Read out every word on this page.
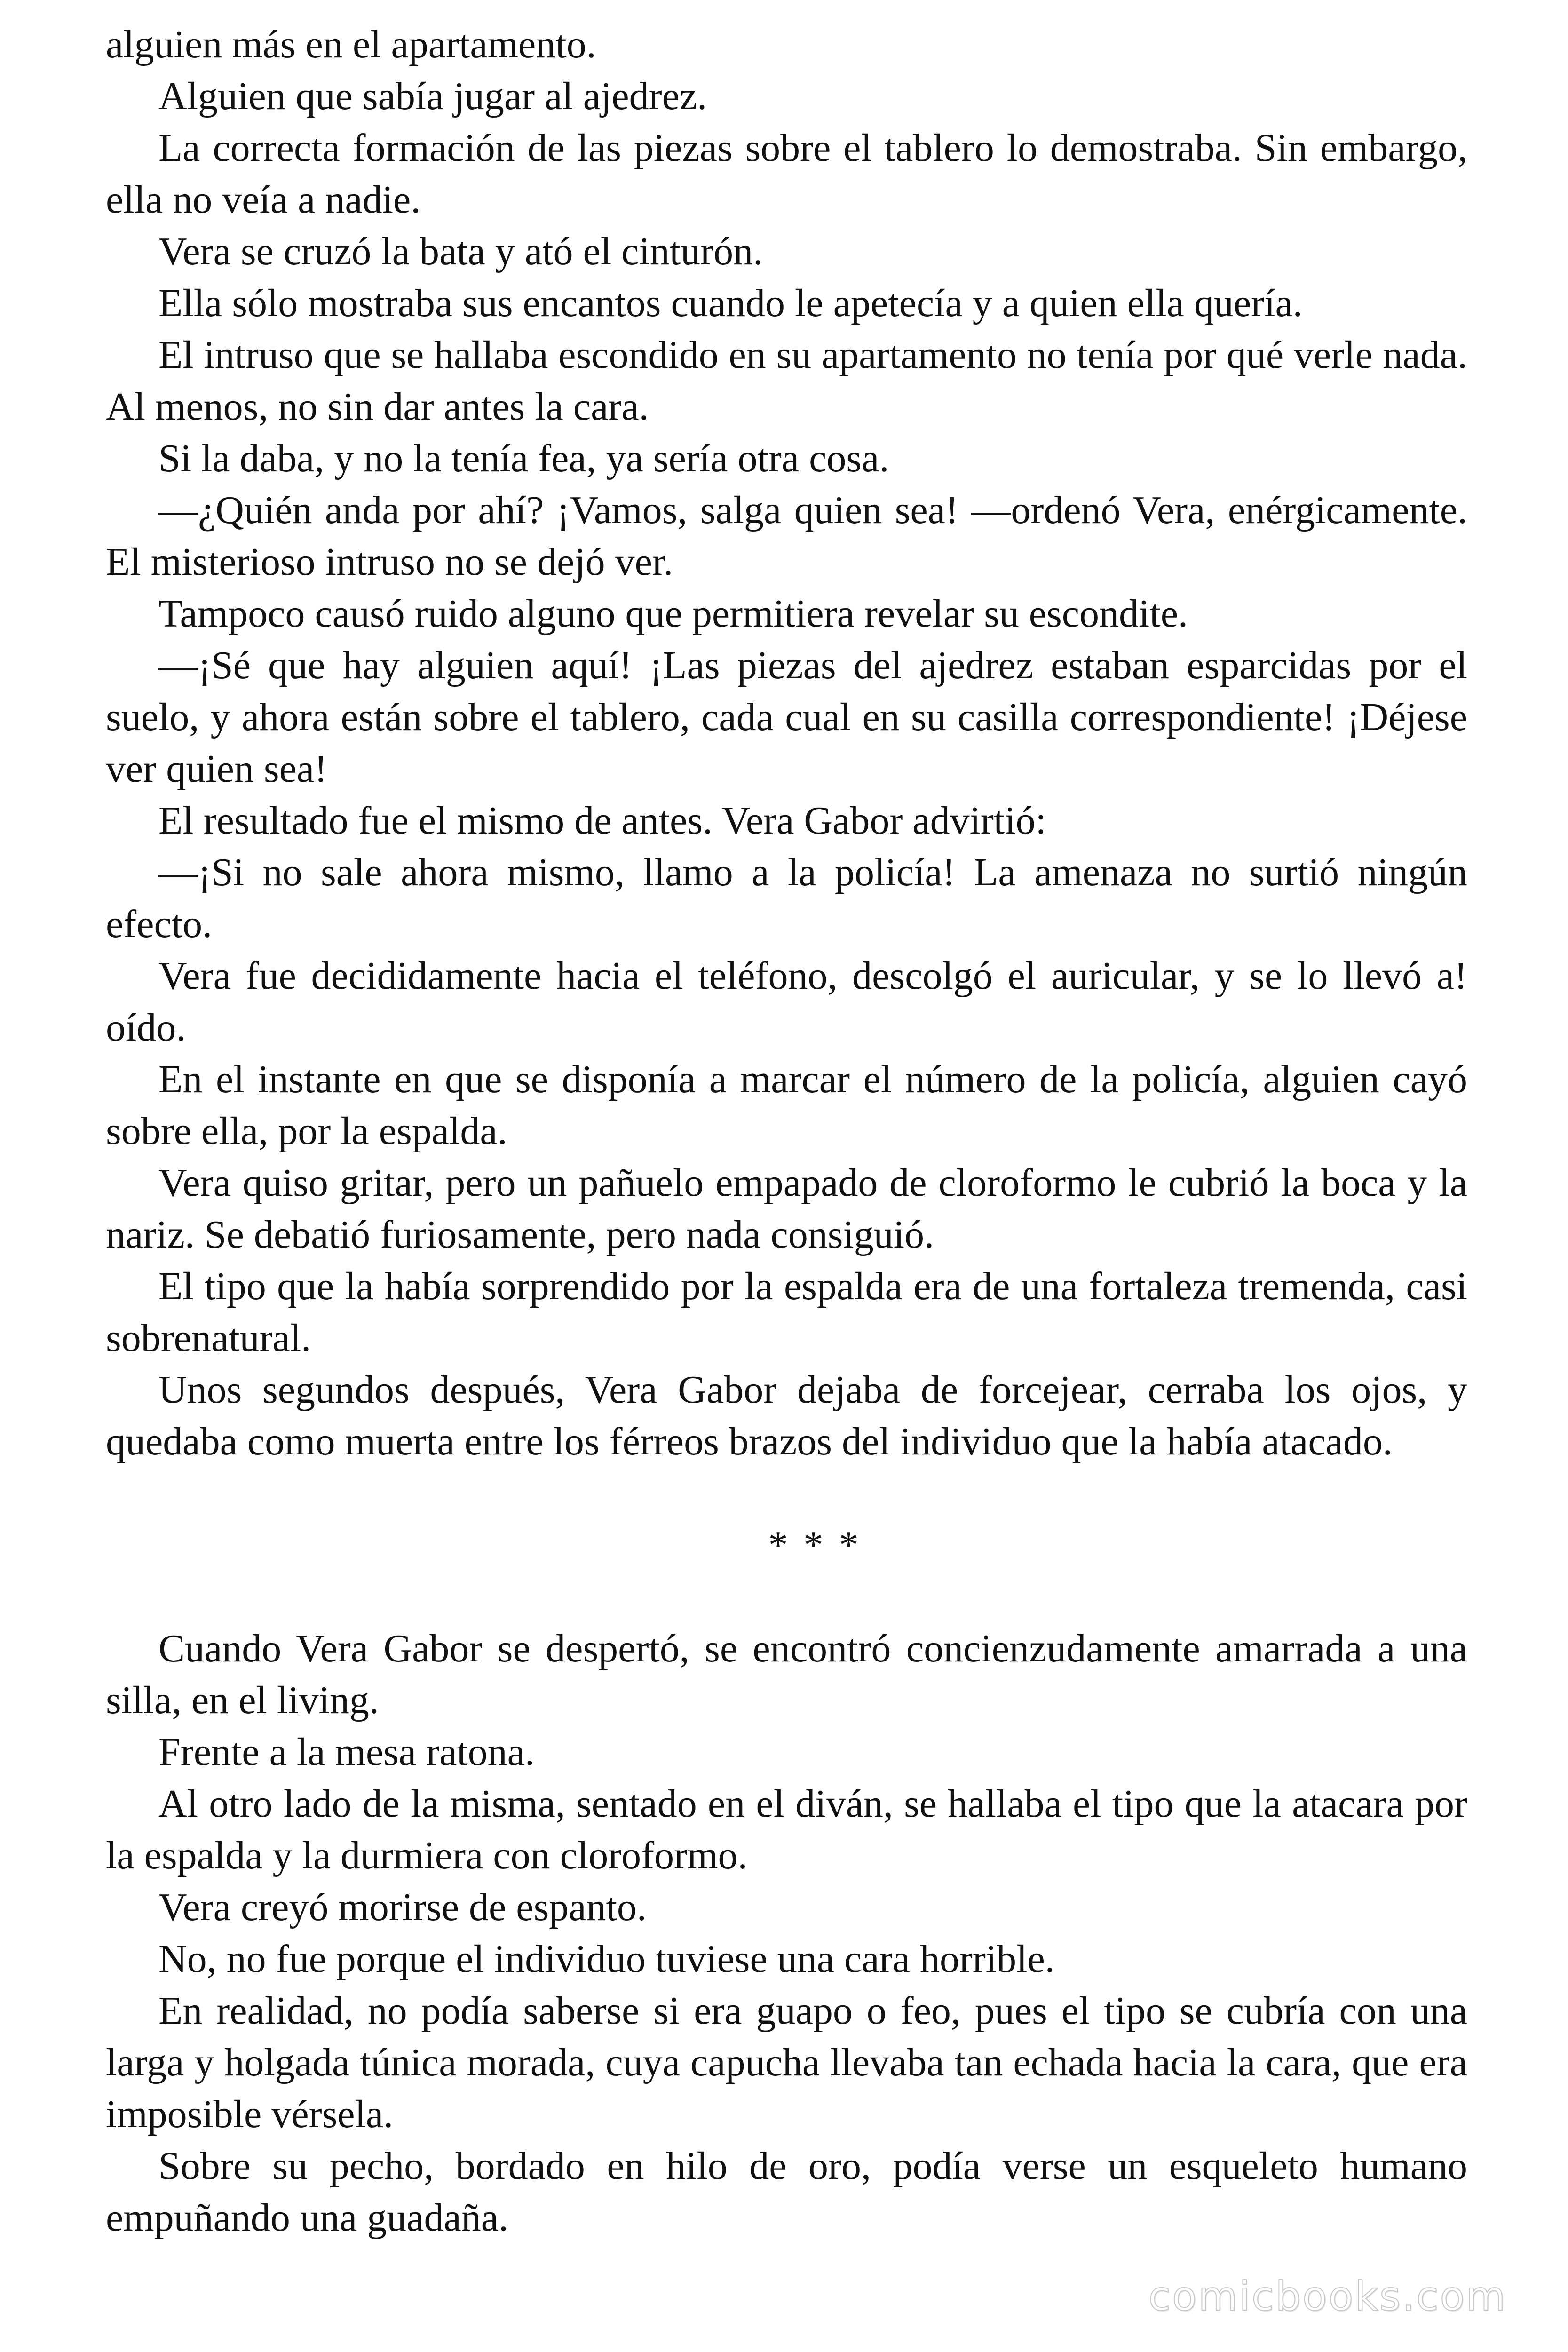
alguien más en el apartamento.

Alguien que sabía jugar al ajedrez.

La correcta formación de las piezas sobre el tablero lo demostraba. Sin embargo, ella no veía a nadie.

Vera se cruzó la bata y ató el cinturón.

Ella sólo mostraba sus encantos cuando le apetecía y a quien ella quería.

El intruso que se hallaba escondido en su apartamento no tenía por qué verle nada. Al menos, no sin dar antes la cara.

Si la daba, y no la tenía fea, ya sería otra cosa.

—¿Quién anda por ahí? ¡Vamos, salga quien sea! —ordenó Vera, enérgicamente. El misterioso intruso no se dejó ver.

Tampoco causó ruido alguno que permitiera revelar su escondite.

—¡Sé que hay alguien aquí! ¡Las piezas del ajedrez estaban esparcidas por el suelo, y ahora están sobre el tablero, cada cual en su casilla correspondiente! ¡Déjese ver quien sea!

El resultado fue el mismo de antes. Vera Gabor advirtió:

—¡Si no sale ahora mismo, llamo a la policía! La amenaza no surtió ningún efecto.

Vera fue decididamente hacia el teléfono, descolgó el auricular, y se lo llevó a! oído.

En el instante en que se disponía a marcar el número de la policía, alguien cayó sobre ella, por la espalda.

Vera quiso gritar, pero un pañuelo empapado de cloroformo le cubrió la boca y la nariz. Se debatió furiosamente, pero nada consiguió.

El tipo que la había sorprendido por la espalda era de una fortaleza tremenda, casi sobrenatural.

Unos segundos después, Vera Gabor dejaba de forcejear, cerraba los ojos, y quedaba como muerta entre los férreos brazos del individuo que la había atacado.

* * *

Cuando Vera Gabor se despertó, se encontró concienzudamente amarrada a una silla, en el living.

Frente a la mesa ratona.

Al otro lado de la misma, sentado en el diván, se hallaba el tipo que la atacara por la espalda y la durmiera con cloroformo.

Vera creyó morirse de espanto.

No, no fue porque el individuo tuviese una cara horrible.

En realidad, no podía saberse si era guapo o feo, pues el tipo se cubría con una larga y holgada túnica morada, cuya capucha llevaba tan echada hacia la cara, que era imposible vérsela.

Sobre su pecho, bordado en hilo de oro, podía verse un esqueleto humano empuñando una guadaña.

comicbooks.com
